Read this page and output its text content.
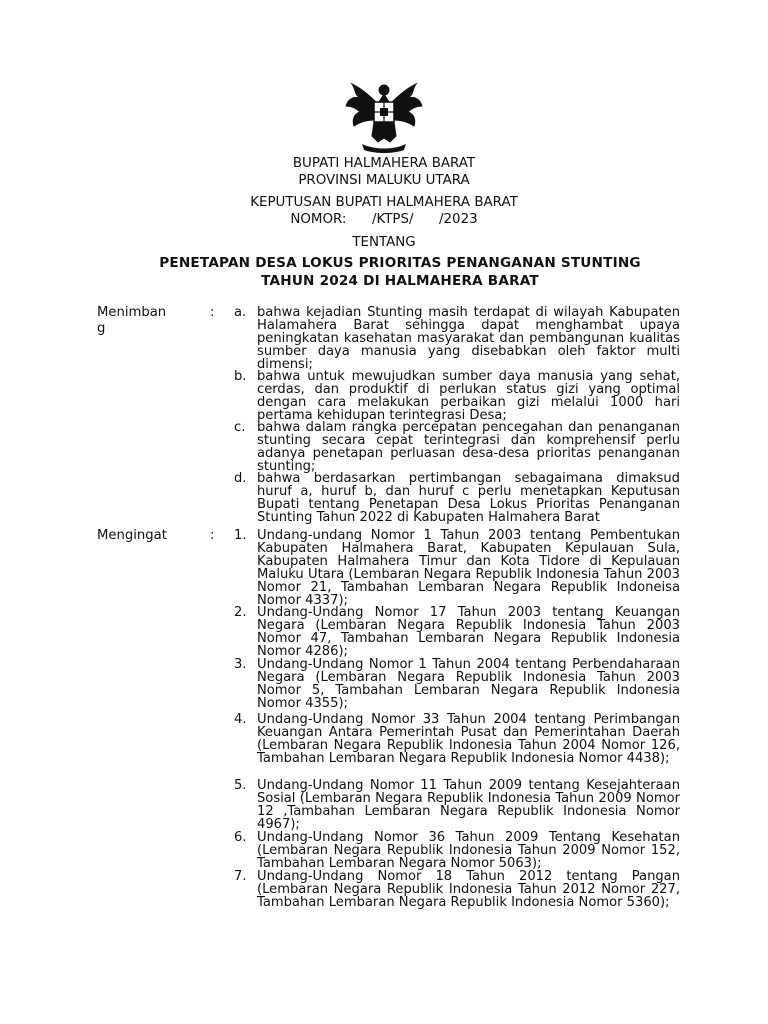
BUPATI HALMAHERA BARAT
PROVINSI MALUKU UTARA
KEPUTUSAN BUPATI HALMAHERA BARAT
NOMOR:      /KTPS/      /2023
TENTANG
PENETAPAN DESA LOKUS PRIORITAS PENANGANAN STUNTING
TAHUN 2024 DI HALMAHERA BARAT
Menimban
g
: a. bahwa kejadian Stunting masih terdapat di wilayah Kabupaten Halamahera Barat sehingga dapat menghambat upaya peningkatan kasehatan masyarakat dan pembangunan kualitas sumber daya manusia yang disebabkan oleh faktor multi dimensi;
b. bahwa untuk mewujudkan sumber daya manusia yang sehat, cerdas, dan produktif di perlukan status gizi yang optimal dengan cara melakukan perbaikan gizi melalui 1000 hari pertama kehidupan terintegrasi Desa;
c. bahwa dalam rangka percepatan pencegahan dan penanganan stunting secara cepat terintegrasi dan komprehensif perlu adanya penetapan perluasan desa-desa prioritas penanganan stunting;
d. bahwa berdasarkan pertimbangan sebagaimana dimaksud huruf a, huruf b, dan huruf c perlu menetapkan Keputusan Bupati tentang Penetapan Desa Lokus Prioritas Penanganan Stunting Tahun 2022 di Kabupaten Halmahera Barat
Mengingat	: 1. Undang-undang Nomor 1 Tahun 2003 tentang Pembentukan Kabupaten Halmahera Barat, Kabupaten Kepulauan Sula, Kabupaten Halmahera Timur dan Kota Tidore di Kepulauan Maluku Utara (Lembaran Negara Republik Indonesia Tahun 2003 Nomor 21, Tambahan Lembaran Negara Republik Indoneisa Nomor 4337);
2. Undang-Undang Nomor 17 Tahun 2003 tentang Keuangan Negara (Lembaran Negara Republik Indonesia Tahun 2003 Nomor 47, Tambahan Lembaran Negara Republik Indonesia Nomor 4286);
3. Undang-Undang Nomor 1 Tahun 2004 tentang Perbendaharaan Negara (Lembaran Negara Republik Indonesia Tahun 2003 Nomor 5, Tambahan Lembaran Negara Republik Indonesia Nomor 4355);
4. Undang-Undang Nomor 33 Tahun 2004 tentang Perimbangan Keuangan Antara Pemerintah Pusat dan Pemerintahan Daerah (Lembaran Negara Republik Indonesia Tahun 2004 Nomor 126, Tambahan Lembaran Negara Republik Indonesia Nomor 4438);
5. Undang-Undang Nomor 11 Tahun 2009 tentang Kesejahteraan Sosial (Lembaran Negara Republik Indonesia Tahun 2009 Nomor 12 ,Tambahan Lembaran Negara Republik Indonesia Nomor 4967);
6. Undang-Undang Nomor 36 Tahun 2009 Tentang Kesehatan (Lembaran Negara Republik Indonesia Tahun 2009 Nomor 152, Tambahan Lembaran Negara Nomor 5063);
7. Undang-Undang Nomor 18 Tahun 2012 tentang Pangan (Lembaran Negara Republik Indonesia Tahun 2012 Nomor 227, Tambahan Lembaran Negara Republik Indonesia Nomor 5360);
